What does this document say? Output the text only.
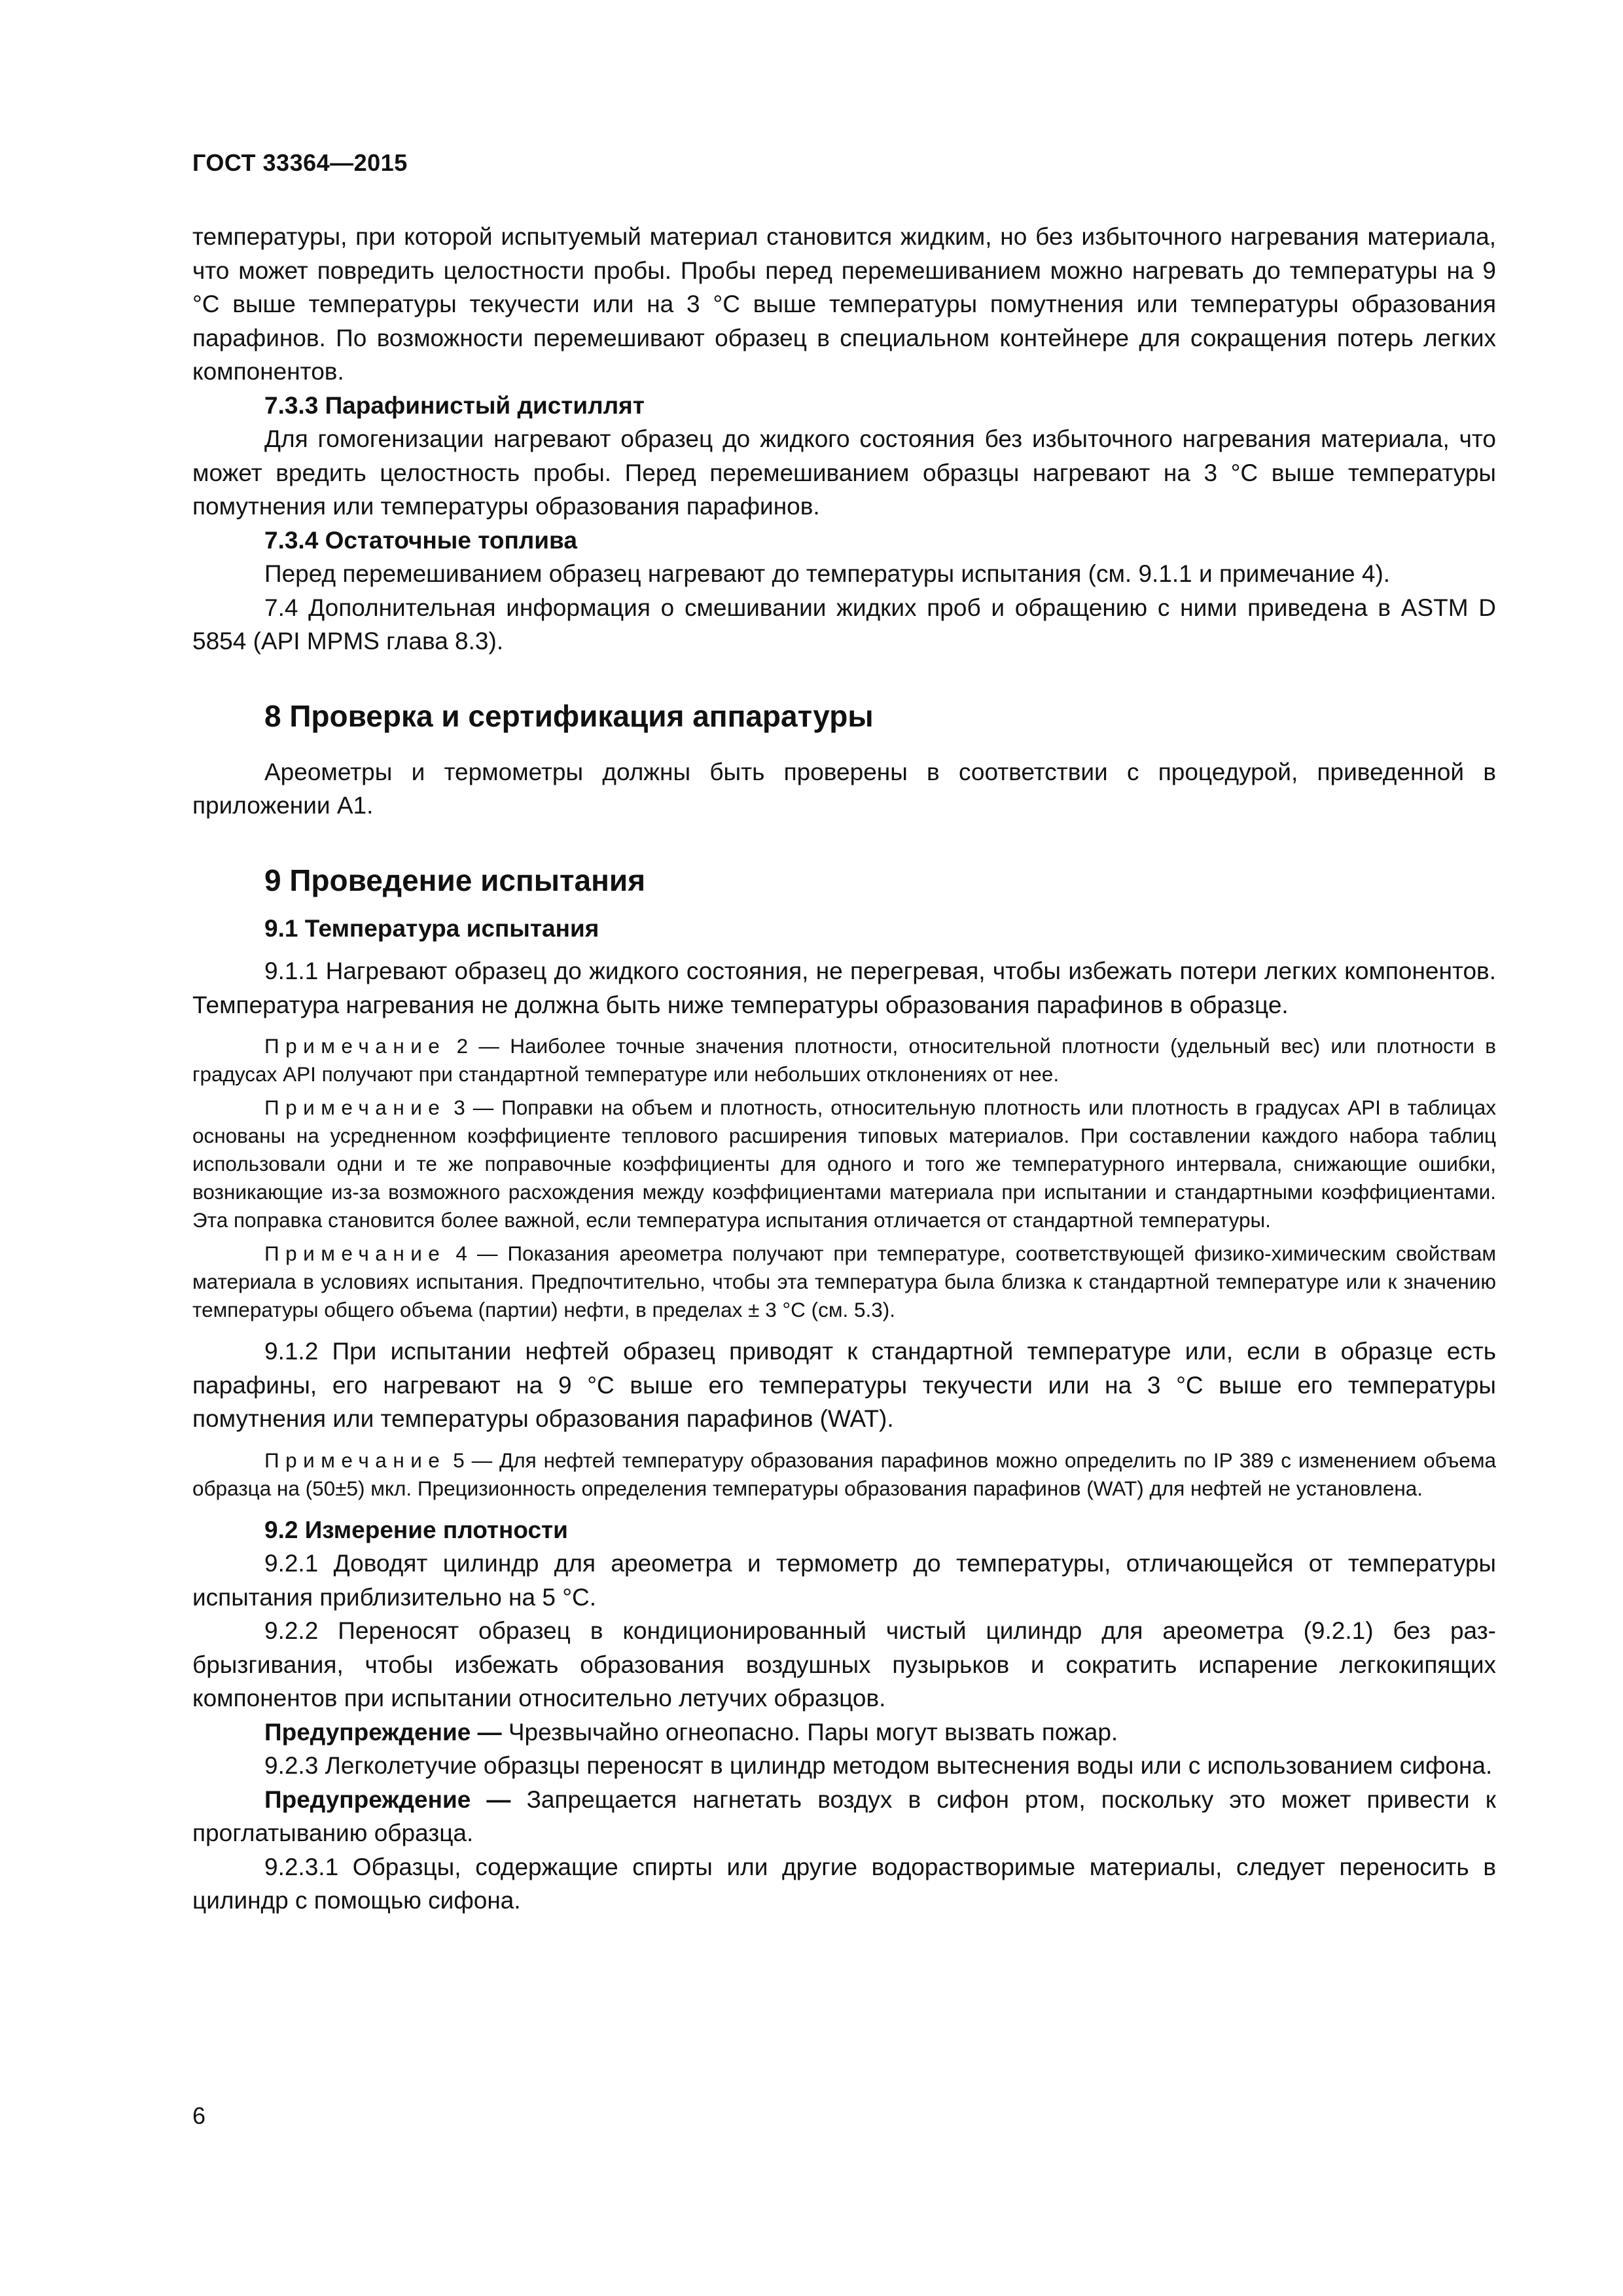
ГОСТ 33364—2015

температуры, при которой испытуемый материал становится жидким, но без избыточного нагревания материала, что может повредить целостности пробы. Пробы перед перемешиванием можно нагревать до температуры на 9 °С выше температуры текучести или на 3 °С выше температуры помутнения или температуры образования парафинов. По возможности перемешивают образец в специальном контейнере для сокращения потерь легких компонентов.

7.3.3 Парафинистый дистиллят

Для гомогенизации нагревают образец до жидкого состояния без избыточного нагревания материала, что может вредить целостность пробы. Перед перемешиванием образцы нагревают на 3 °С выше температуры помутнения или температуры образования парафинов.

7.3.4 Остаточные топлива

Перед перемешиванием образец нагревают до температуры испытания (см. 9.1.1 и примечание 4).

7.4 Дополнительная информация о смешивании жидких проб и обращению с ними приведена в ASTM D 5854 (API MPMS глава 8.3).

8 Проверка и сертификация аппаратуры

Ареометры и термометры должны быть проверены в соответствии с процедурой, приведенной в приложении А1.

9 Проведение испытания

9.1 Температура испытания

9.1.1 Нагревают образец до жидкого состояния, не перегревая, чтобы избежать потери легких компонентов. Температура нагревания не должна быть ниже температуры образования парафинов в образце.

Примечание 2 — Наиболее точные значения плотности, относительной плотности (удельный вес) или плотности в градусах API получают при стандартной температуре или небольших отклонениях от нее.

Примечание 3 — Поправки на объем и плотность, относительную плотность или плотность в градусах API в таблицах основаны на усредненном коэффициенте теплового расширения типовых материалов. При составлении каждого набора таблиц использовали одни и те же поправочные коэффициенты для одного и того же температурного интервала, снижающие ошибки, возникающие из-за возможного расхождения между коэффициентами материала при испытании и стандартными коэффициентами. Эта поправка становится более важной, если температура испытания отличается от стандартной температуры.

Примечание 4 — Показания ареометра получают при температуре, соответствующей физико-химическим свойствам материала в условиях испытания. Предпочтительно, чтобы эта температура была близка к стандартной температуре или к значению температуры общего объема (партии) нефти, в пределах ± 3 °С (см. 5.3).

9.1.2 При испытании нефтей образец приводят к стандартной температуре или, если в образце есть парафины, его нагревают на 9 °С выше его температуры текучести или на 3 °С выше его температуры помутнения или температуры образования парафинов (WAT).

Примечание 5 — Для нефтей температуру образования парафинов можно определить по IP 389 с изменением объема образца на (50±5) мкл. Прецизионность определения температуры образования парафинов (WAT) для нефтей не установлена.

9.2 Измерение плотности

9.2.1 Доводят цилиндр для ареометра и термометр до температуры, отличающейся от температуры испытания приблизительно на 5 °С.

9.2.2 Переносят образец в кондиционированный чистый цилиндр для ареометра (9.2.1) без разбрызгивания, чтобы избежать образования воздушных пузырьков и сократить испарение легкокипящих компонентов при испытании относительно летучих образцов.

Предупреждение — Чрезвычайно огнеопасно. Пары могут вызвать пожар.

9.2.3 Легколетучие образцы переносят в цилиндр методом вытеснения воды или с использованием сифона.

Предупреждение — Запрещается нагнетать воздух в сифон ртом, поскольку это может привести к проглатыванию образца.

9.2.3.1 Образцы, содержащие спирты или другие водорастворимые материалы, следует переносить в цилиндр с помощью сифона.

6
